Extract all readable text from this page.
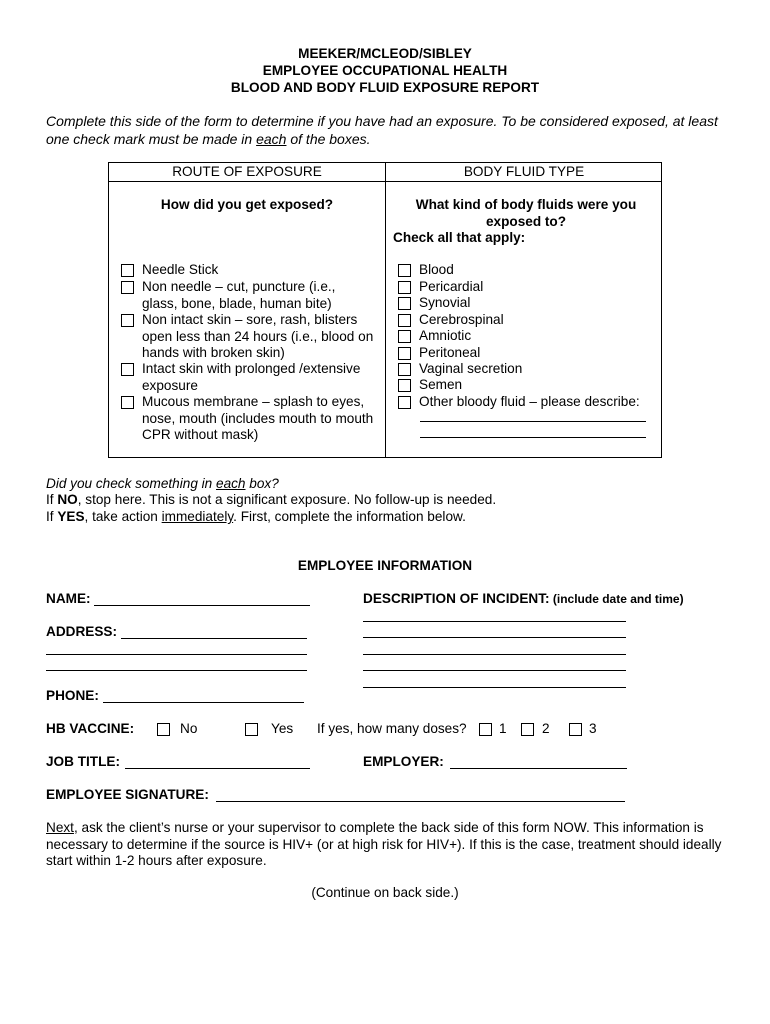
MEEKER/MCLEOD/SIBLEY
EMPLOYEE OCCUPATIONAL HEALTH
BLOOD AND BODY FLUID EXPOSURE REPORT
Complete this side of the form to determine if you have had an exposure. To be considered exposed, at least one check mark must be made in each of the boxes.
ROUTE OF EXPOSURE	BODY FLUID TYPE
How did you get exposed?	What kind of body fluids were you exposed to?
Check all that apply:
Needle Stick
Non needle – cut, puncture (i.e., glass, bone, blade, human bite)
Non intact skin – sore, rash, blisters open less than 24 hours (i.e., blood on hands with broken skin)
Intact skin with prolonged /extensive exposure
Mucous membrane – splash to eyes, nose, mouth (includes mouth to mouth CPR without mask)
Blood
Pericardial
Synovial
Cerebrospinal
Amniotic
Peritoneal
Vaginal secretion
Semen
Other bloody fluid – please describe:
Did you check something in each box?
If NO, stop here. This is not a significant exposure. No follow-up is needed.
If YES, take action immediately. First, complete the information below.
EMPLOYEE INFORMATION
NAME:	DESCRIPTION OF INCIDENT: (include date and time)
ADDRESS:
PHONE:
HB VACCINE:	No	Yes If yes, how many doses? 1	2	3
JOB TITLE:	EMPLOYER:
EMPLOYEE SIGNATURE:
Next, ask the client’s nurse or your supervisor to complete the back side of this form NOW. This information is necessary to determine if the source is HIV+ (or at high risk for HIV+). If this is the case, treatment should ideally start within 1-2 hours after exposure.
(Continue on back side.)
